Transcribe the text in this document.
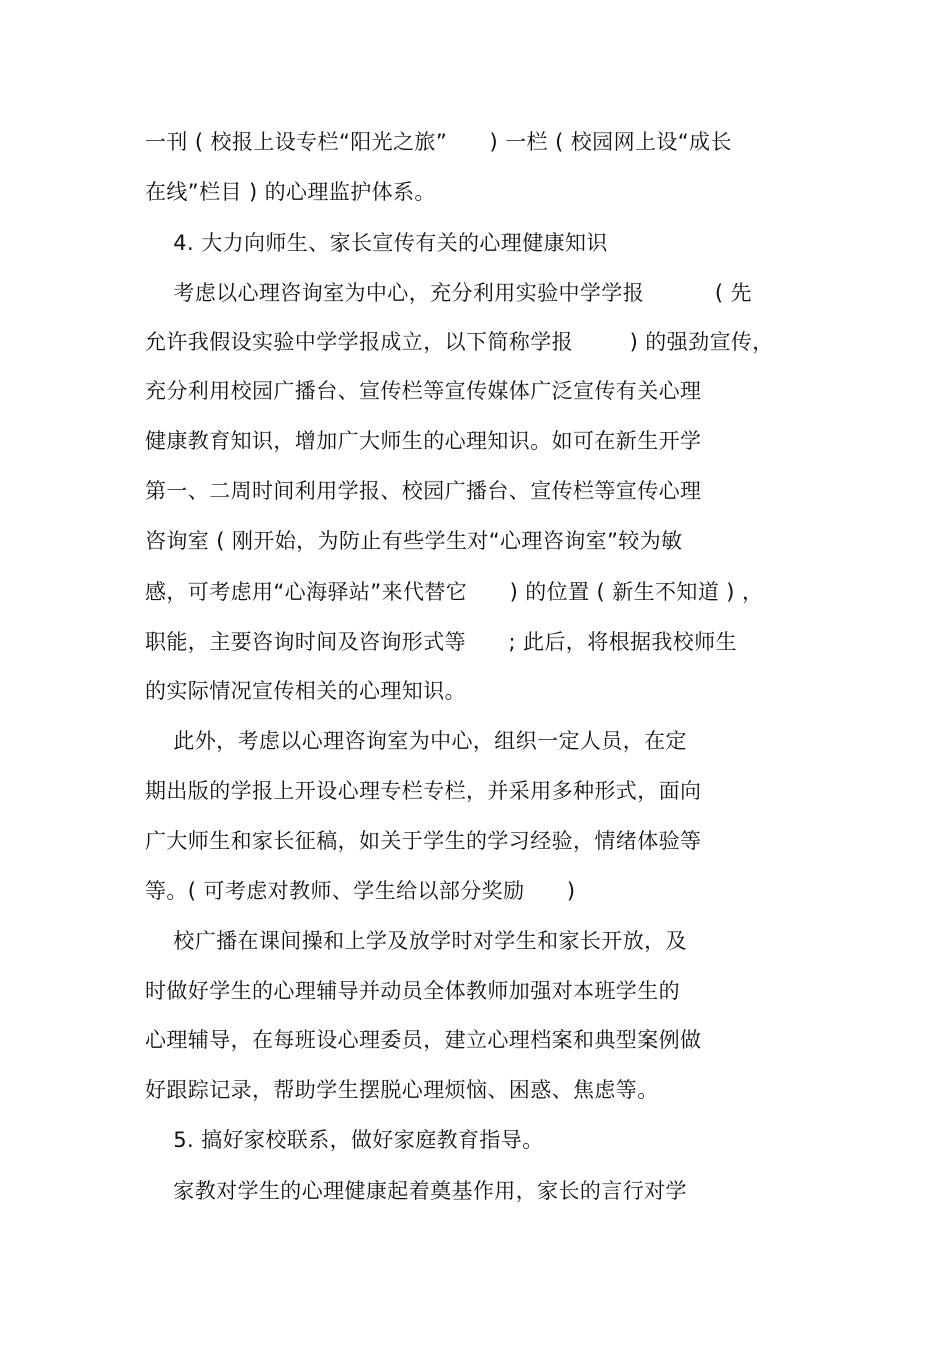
一刊 ( 校报上设专栏“阳光之旅”      ) 一栏 ( 校园网上设“成长
在线”栏目 ) 的心理监护体系。
4. 大力向师生、家长宣传有关的心理健康知识
考虑以心理咨询室为中心，充分利用实验中学学报          ( 先
允许我假设实验中学学报成立，以下简称学报        ) 的强劲宣传，
充分利用校园广播台、宣传栏等宣传媒体广泛宣传有关心理
健康教育知识，增加广大师生的心理知识。如可在新生开学
第一、二周时间利用学报、校园广播台、宣传栏等宣传心理
咨询室 ( 刚开始，为防止有些学生对“心理咨询室”较为敏
感，可考虑用“心海驿站”来代替它      ) 的位置 ( 新生不知道 ) ，
职能，主要咨询时间及咨询形式等      ; 此后，将根据我校师生
的实际情况宣传相关的心理知识。
此外，考虑以心理咨询室为中心，组织一定人员，在定
期出版的学报上开设心理专栏专栏，并采用多种形式，面向
广大师生和家长征稿，如关于学生的学习经验，情绪体验等
等。( 可考虑对教师、学生给以部分奖励      )
校广播在课间操和上学及放学时对学生和家长开放，及
时做好学生的心理辅导并动员全体教师加强对本班学生的
心理辅导，在每班设心理委员，建立心理档案和典型案例做
好跟踪记录，帮助学生摆脱心理烦恼、困惑、焦虑等。
5. 搞好家校联系，做好家庭教育指导。
家教对学生的心理健康起着奠基作用，家长的言行对学
